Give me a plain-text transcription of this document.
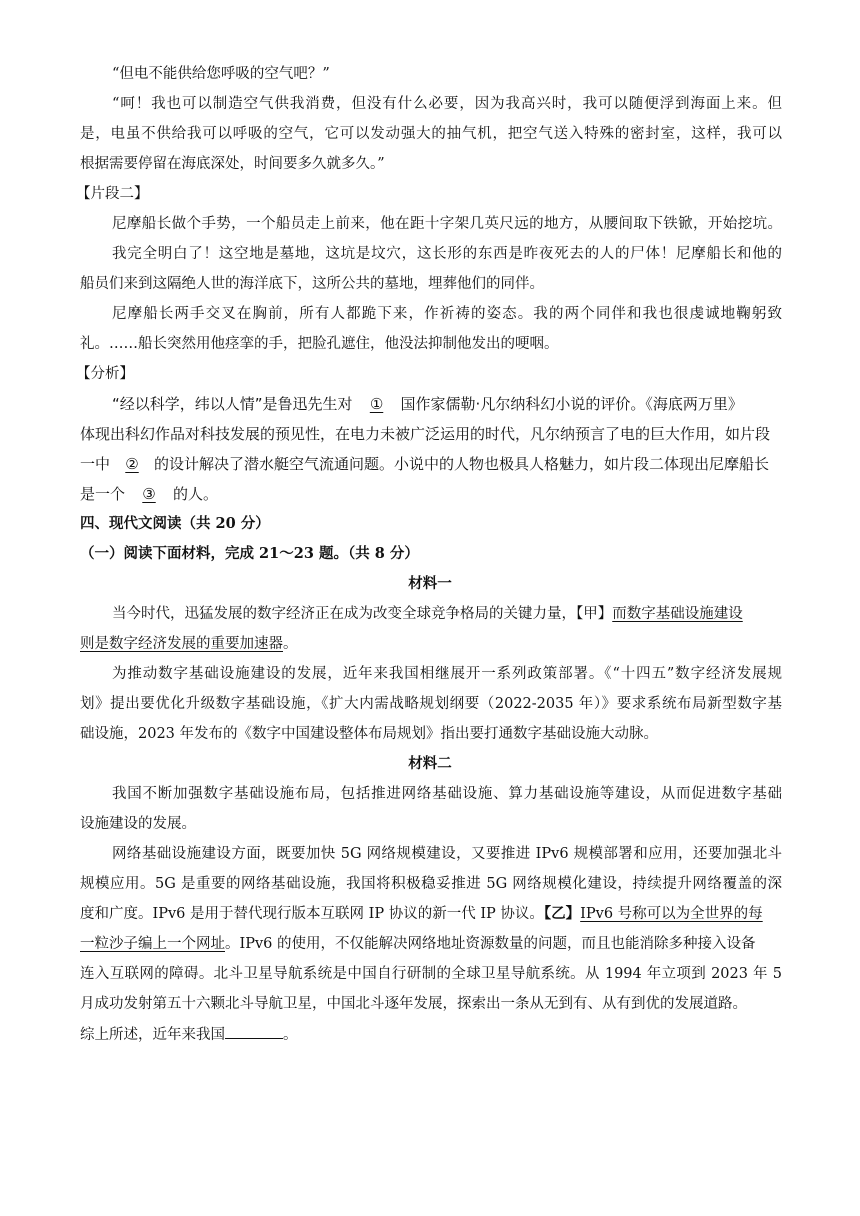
“但电不能供给您呼吸的空气吧？”
“呵！我也可以制造空气供我消费，但没有什么必要，因为我高兴时，我可以随便浮到海面上来。但
是，电虽不供给我可以呼吸的空气，它可以发动强大的抽气机，把空气送入特殊的密封室，这样，我可以
根据需要停留在海底深处，时间要多久就多久。”
【片段二】
尼摩船长做个手势，一个船员走上前来，他在距十字架几英尺远的地方，从腰间取下铁锨，开始挖坑。
我完全明白了！这空地是墓地，这坑是坟穴，这长形的东西是昨夜死去的人的尸体！尼摩船长和他的
船员们来到这隔绝人世的海洋底下，这所公共的墓地，埋葬他们的同伴。
尼摩船长两手交叉在胸前，所有人都跪下来，作祈祷的姿态。我的两个同伴和我也很虔诚地鞠躬致
礼。……船长突然用他痉挛的手，把脸孔遮住，他没法抑制他发出的哽咽。
【分析】
“经以科学，纬以人情”是鲁迅先生对 ① 国作家儒勒·凡尔纳科幻小说的评价。《海底两万里》
体现出科幻作品对科技发展的预见性，在电力未被广泛运用的时代，凡尔纳预言了电的巨大作用，如片段
一中 ② 的设计解决了潜水艇空气流通问题。小说中的人物也极具人格魅力，如片段二体现出尼摩船长
是一个 ③ 的人。
四、现代文阅读（共 20 分）
（一）阅读下面材料，完成 21～23 题。（共 8 分）
材料一
当今时代，迅猛发展的数字经济正在成为改变全球竞争格局的关键力量，【甲】而数字基础设施建设
则是数字经济发展的重要加速器。
为推动数字基础设施建设的发展，近年来我国相继展开一系列政策部署。《“十四五”数字经济发展规
划》提出要优化升级数字基础设施，《扩大内需战略规划纲要（2022-2035 年）》要求系统布局新型数字基
础设施，2023 年发布的《数字中国建设整体布局规划》指出要打通数字基础设施大动脉。
材料二
我国不断加强数字基础设施布局，包括推进网络基础设施、算力基础设施等建设，从而促进数字基础
设施建设的发展。
网络基础设施建设方面，既要加快 5G 网络规模建设，又要推进 IPv6 规模部署和应用，还要加强北斗
规模应用。5G 是重要的网络基础设施，我国将积极稳妥推进 5G 网络规模化建设，持续提升网络覆盖的深
度和广度。IPv6 是用于替代现行版本互联网 IP 协议的新一代 IP 协议。【乙】IPv6 号称可以为全世界的每
一粒沙子编上一个网址。IPv6 的使用，不仅能解决网络地址资源数量的问题，而且也能消除多种接入设备
连入互联网的障碍。北斗卫星导航系统是中国自行研制的全球卫星导航系统。从 1994 年立项到 2023 年 5
月成功发射第五十六颗北斗导航卫星，中国北斗逐年发展，探索出一条从无到有、从有到优的发展道路。
综上所述，近年来我国	。
